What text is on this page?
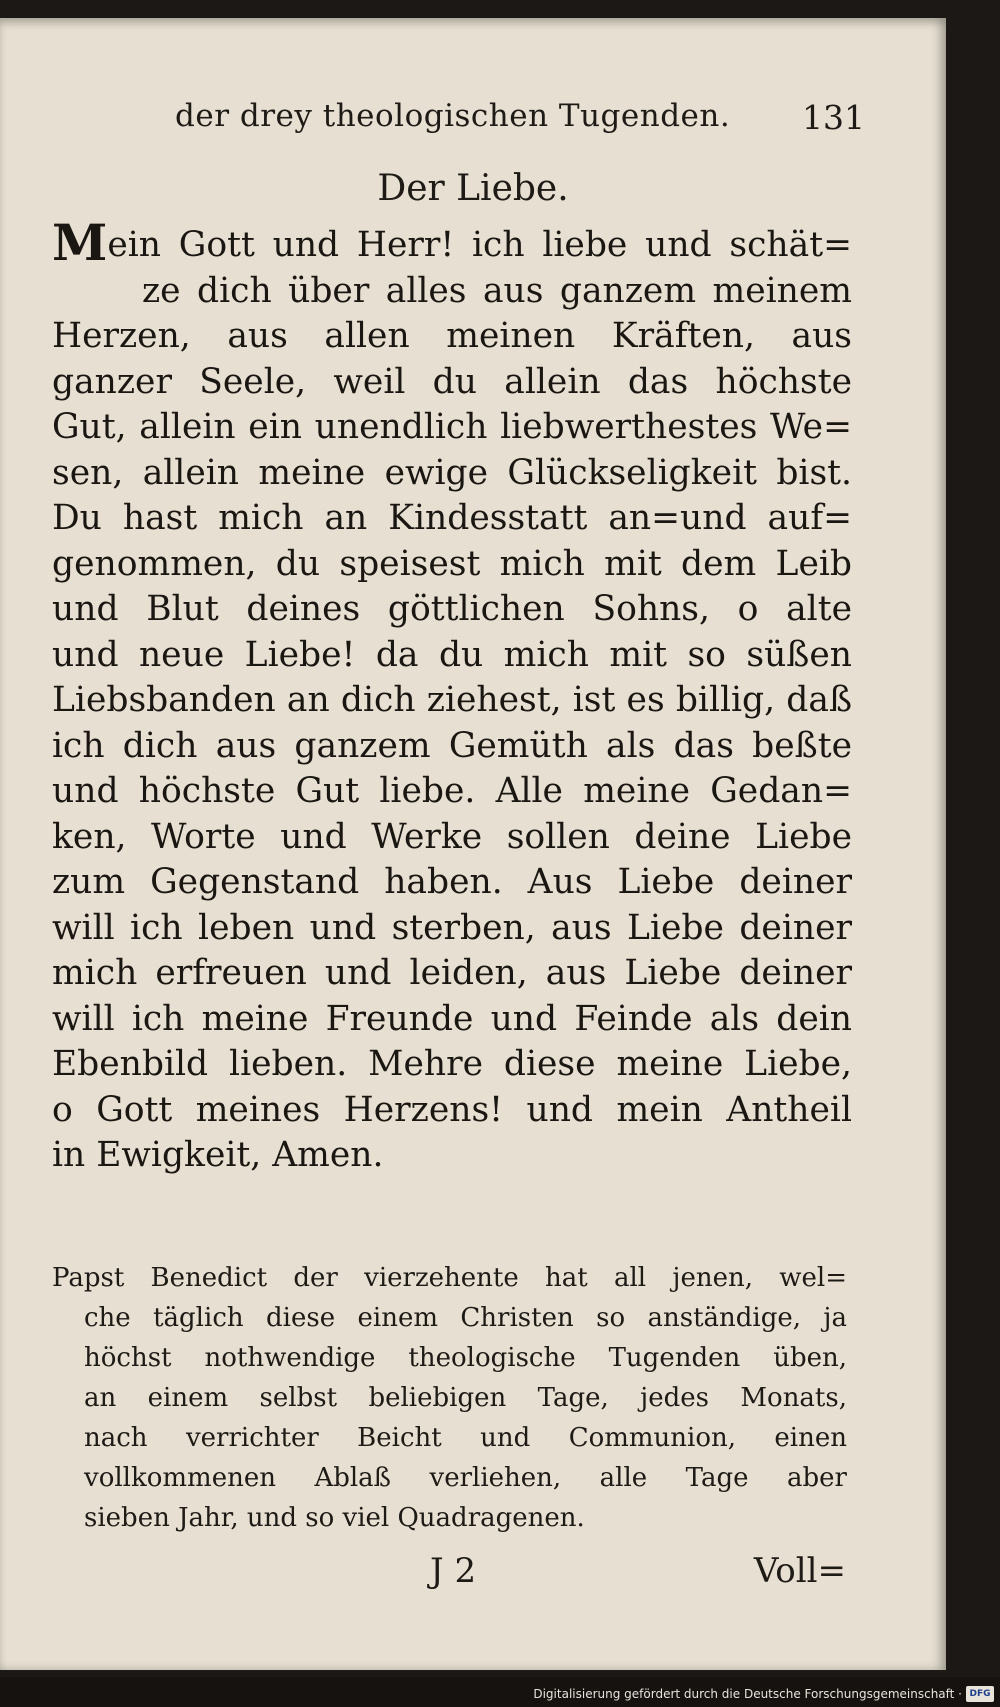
der drey theologischen Tugenden. 131
Der Liebe.
Mein Gott und Herr! ich liebe und schät=
ze dich über alles aus ganzem meinem
Herzen, aus allen meinen Kräften, aus
ganzer Seele, weil du allein das höchste
Gut, allein ein unendlich liebwerthestes We=
sen, allein meine ewige Glückseligkeit bist.
Du hast mich an Kindesstatt an=und auf=
genommen, du speisest mich mit dem Leib
und Blut deines göttlichen Sohns, o alte
und neue Liebe! da du mich mit so süßen
Liebsbanden an dich ziehest, ist es billig, daß
ich dich aus ganzem Gemüth als das beßte
und höchste Gut liebe. Alle meine Gedan=
ken, Worte und Werke sollen deine Liebe
zum Gegenstand haben. Aus Liebe deiner
will ich leben und sterben, aus Liebe deiner
mich erfreuen und leiden, aus Liebe deiner
will ich meine Freunde und Feinde als dein
Ebenbild lieben. Mehre diese meine Liebe,
o Gott meines Herzens! und mein Antheil
in Ewigkeit, Amen.
Papst Benedict der vierzehente hat all jenen, wel=
che täglich diese einem Christen so anständige, ja
höchst nothwendige theologische Tugenden üben,
an einem selbst beliebigen Tage, jedes Monats,
nach verrichter Beicht und Communion, einen
vollkommenen Ablaß verliehen, alle Tage aber
sieben Jahr, und so viel Quadragenen.
J 2	Voll=
Digitalisierung gefördert durch die Deutsche Forschungsgemeinschaft · DFG
